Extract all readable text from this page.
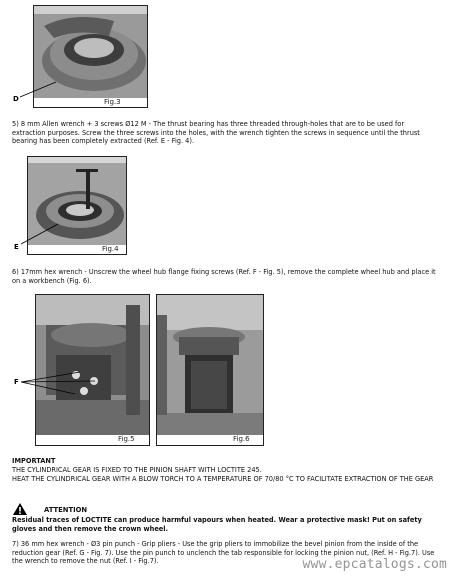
Fig.3
D
5) 8 mm Allen wrench + 3 screws Ø12 M - The thrust bearing has three threaded through-holes that are to be used for extraction purposes. Screw the three screws into the holes, with the wrench tighten the screws in sequence until the thrust bearing has been completely extracted (Ref. E - Fig. 4).
Fig.4
E
6) 17mm hex wrench - Unscrew the wheel hub flange fixing screws (Ref. F - Fig. 5), remove the complete wheel hub and place it on a workbench (Fig. 6).
Fig.5
F
Fig.6
IMPORTANT
THE CYLINDRICAL GEAR IS FIXED TO THE PINION SHAFT WITH LOCTITE 245.
HEAT THE CYLINDRICAL GEAR WITH A BLOW TORCH TO A TEMPERATURE OF 70/80 °C TO FACILITATE EXTRACTION OF THE GEAR
ATTENTION
Residual traces of LOCTITE can produce harmful vapours when heated. Wear a protective mask! Put on safety gloves and then remove the crown wheel.
7) 36 mm hex wrench - Ø3 pin punch - Grip pliers - Use the grip pliers to immobilize the bevel pinion from the inside of the reduction gear (Ref. G - Fig. 7). Use the pin punch to unclench the tab responsible for locking the pinion nut, (Ref. H - Fig.7). Use the wrench to remove the nut (Ref. I - Fig.7).	www.epcatalogs.com
